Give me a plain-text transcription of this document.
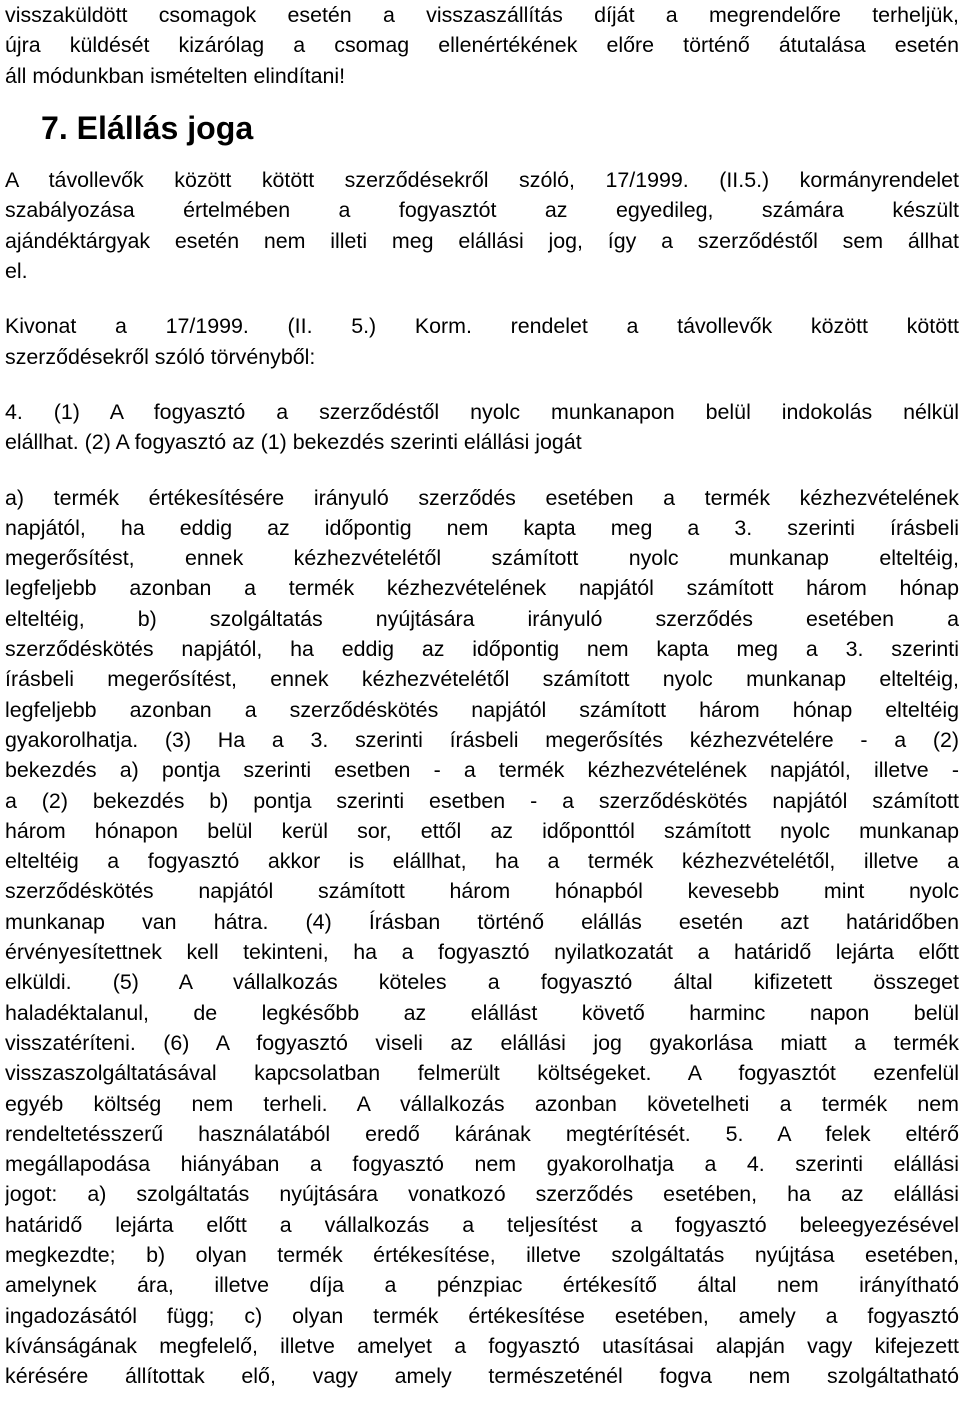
visszaküldött csomagok esetén a visszaszállítás díját a megrendelőre terheljük,

újra küldését kizárólag a csomag ellenértékének előre történő átutalása esetén

áll módunkban ismételten elindítani!

7. Elállás joga

A távollevők között kötött szerződésekről szóló, 17/1999. (II.5.) kormányrendelet

szabályozása értelmében a fogyasztót az egyedileg, számára készült

ajándéktárgyak esetén nem illeti meg elállási jog, így a szerződéstől sem állhat

el.

Kivonat a 17/1999. (II. 5.) Korm. rendelet a távollevők között kötött

szerződésekről szóló törvényből:

4. (1) A fogyasztó a szerződéstől nyolc munkanapon belül indokolás nélkül

elállhat. (2) A fogyasztó az (1) bekezdés szerinti elállási jogát

a) termék értékesítésére irányuló szerződés esetében a termék kézhezvételének

napjától, ha eddig az időpontig nem kapta meg a 3. szerinti írásbeli

megerősítést, ennek kézhezvételétől számított nyolc munkanap elteltéig,

legfeljebb azonban a termék kézhezvételének napjától számított három hónap

elteltéig, b) szolgáltatás nyújtására irányuló szerződés esetében a

szerződéskötés napjától, ha eddig az időpontig nem kapta meg a 3. szerinti

írásbeli megerősítést, ennek kézhezvételétől számított nyolc munkanap elteltéig,

legfeljebb azonban a szerződéskötés napjától számított három hónap elteltéig

gyakorolhatja. (3) Ha a 3. szerinti írásbeli megerősítés kézhezvételére - a (2)

bekezdés a) pontja szerinti esetben - a termék kézhezvételének napjától, illetve -

a (2) bekezdés b) pontja szerinti esetben - a szerződéskötés napjától számított

három hónapon belül kerül sor, ettől az időponttól számított nyolc munkanap

elteltéig a fogyasztó akkor is elállhat, ha a termék kézhezvételétől, illetve a

szerződéskötés napjától számított három hónapból kevesebb mint nyolc

munkanap van hátra. (4) Írásban történő elállás esetén azt határidőben

érvényesítettnek kell tekinteni, ha a fogyasztó nyilatkozatát a határidő lejárta előtt

elküldi. (5) A vállalkozás köteles a fogyasztó által kifizetett összeget

haladéktalanul, de legkésőbb az elállást követő harminc napon belül

visszatéríteni. (6) A fogyasztó viseli az elállási jog gyakorlása miatt a termék

visszaszolgáltatásával kapcsolatban felmerült költségeket. A fogyasztót ezenfelül

egyéb költség nem terheli. A vállalkozás azonban követelheti a termék nem

rendeltetésszerű használatából eredő kárának megtérítését. 5. A felek eltérő

megállapodása hiányában a fogyasztó nem gyakorolhatja a 4. szerinti elállási

jogot: a) szolgáltatás nyújtására vonatkozó szerződés esetében, ha az elállási

határidő lejárta előtt a vállalkozás a teljesítést a fogyasztó beleegyezésével

megkezdte; b) olyan termék értékesítése, illetve szolgáltatás nyújtása esetében,

amelynek ára, illetve díja a pénzpiac értékesítő által nem irányítható

ingadozásától függ; c) olyan termék értékesítése esetében, amely a fogyasztó

kívánságának megfelelő, illetve amelyet a fogyasztó utasításai alapján vagy kifejezett

kérésére állítottak elő, vagy amely természeténél fogva nem szolgáltatható
